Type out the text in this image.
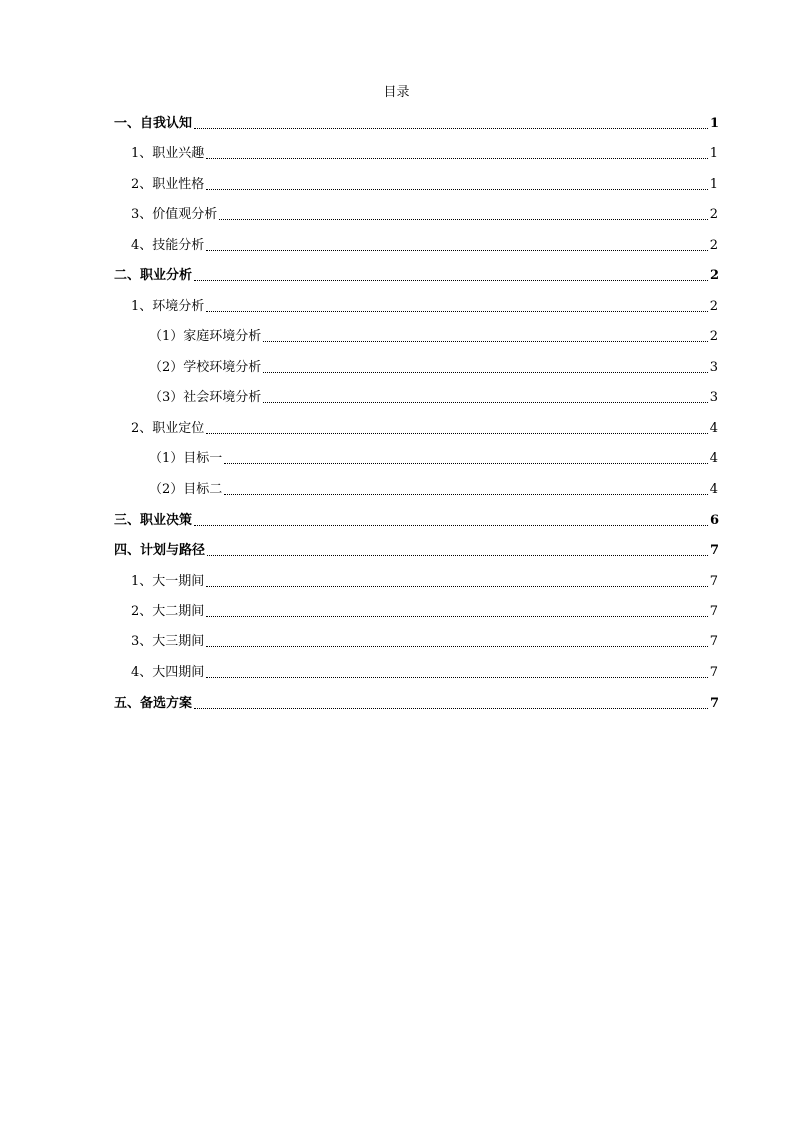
目录
一、自我认知	1
1、职业兴趣	1
2、职业性格	1
3、价值观分析	2
4、技能分析	2
二、职业分析	2
1、环境分析	2
（1）家庭环境分析	2
（2）学校环境分析	3
（3）社会环境分析	3
2、职业定位	4
（1）目标一	4
（2）目标二	4
三、职业决策	6
四、计划与路径	7
1、大一期间	7
2、大二期间	7
3、大三期间	7
4、大四期间	7
五、备选方案	7
